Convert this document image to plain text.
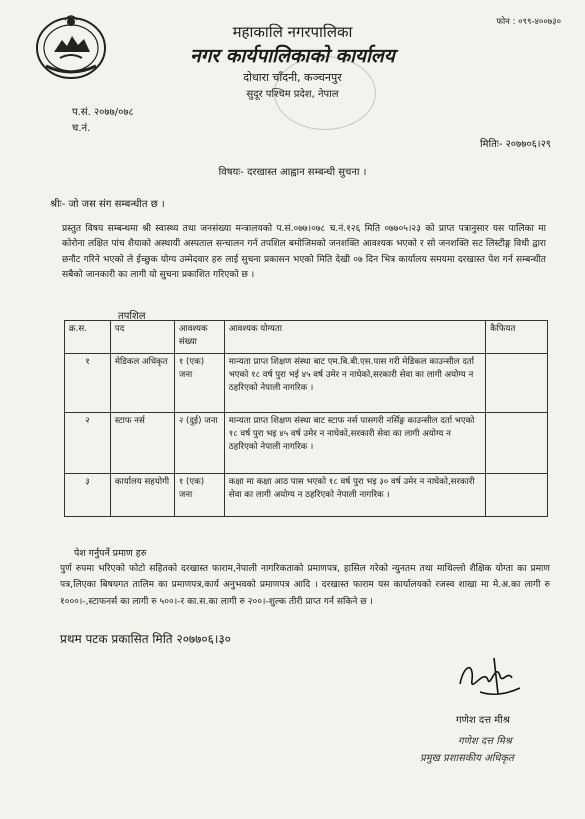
फोन : ०९९-४००७३०
महाकालि नगरपालिका
नगर कार्यपालिकाको कार्यालय
दोधारा चाँदनी, कञ्चनपुर
सुदूर पश्चिम प्रदेश, नेपाल
प.सं. २०७७/०७८
च.नं.
मितिः- २०७७०६।२९
विषयः- दरखास्त आह्वान सम्बन्धी सुचना ।
श्रीः- जो जस संग सम्बन्धीत छ ।
प्रस्तुत विषय सम्बन्धमा श्री स्वास्थ्य तथा जनसंख्या मन्त्रालयको प.सं.०७७।०७८ च.नं.१२६ मिति ०७७०५।२३ को प्राप्त पत्रानुसार यस पालिका मा कोरोना लक्षित पांच शैयाको अस्थायी अस्पताल सन्चालन गर्न तपशिल बमोजिमको जनशक्ति आवश्यक भएको र सो जनशक्ति सट लिस्टीङ्ग विधी द्वारा छनौट गरिने भएको ले ईच्छुक योग्य उम्मेदवार हरु लाई सुचना प्रकासन भएको मिति देखी ०७ दिन भित्र कार्यालय समयमा दरखास्त पेश गर्न सम्बन्धीत सबैको जानकारी का लागी यो सुचना प्रकाशित गरिएको छ ।
तपशिल
क्र.स.	पद	आवश्यक संख्या	आवश्यक योग्यता	कैफियत
१	मेडिकल अधिकृत	१ (एक) जना	मान्यता प्राप्त शिक्षण संस्था बाट एम.बि.बी.एस.पास गरी मेडिकल काउन्सील दर्ता भएको १८ वर्ष पुरा भई ४५ वर्ष उमेर न नाघेको,सरकारी सेवा का लागी अयोग्य न ठहरिएको नेपाली नागरिक ।	
२	स्टाफ नर्स	२ (दुई) जना	मान्यता प्राप्त शिक्षण संस्था बाट स्टाफ नर्स पासगरी नर्सिङ्ग काउन्सील दर्ता भएको १८ वर्ष पुरा भइ ४५ वर्ष उमेर न नाघेको,सरकारी सेवा का लागी अयोग्य न ठहरिएको नेपाली नागरिक ।	
३	कार्यालय सहयोगी	१ (एक) जना	कक्षा मा कक्षा आठ पास भएको १८ वर्ष पुरा भइ ३० वर्ष उमेर न नाघेको,सरकारी सेवा का लागी अयोग्य न ठहरिएको नेपाली नागरिक ।	
पेश गर्नुपर्ने प्रमाण हरु
पुर्ण रुपमा भरिएको फोटो सहितको दरखास्त फाराम,नेपाली नागरिकताको प्रमाणपत्र, हासिल गरेको न्युनतम तथा माथिल्लो शैक्षिक योग्ता का प्रमाण पत्र,लिएका बिषयगत तालिम का प्रमाणपत्र,कार्य अनुभवको प्रमाणपत्र आदि । दरखास्त फाराम यस कार्यालयको रजस्व शाखा मा मे.अ.का लागी रु १०००।-,स्टाफनर्स का लागी रु ५००।-र का.स.का लागी रु २००।-शुल्क तीरी प्राप्त गर्न सकिने छ ।
प्रथम पटक प्रकासित मिति २०७७०६।३०
गणेश दत्त मीश्र
गणेश दत्त मिश्र
प्रमुख प्रशासकीय अधिकृत
